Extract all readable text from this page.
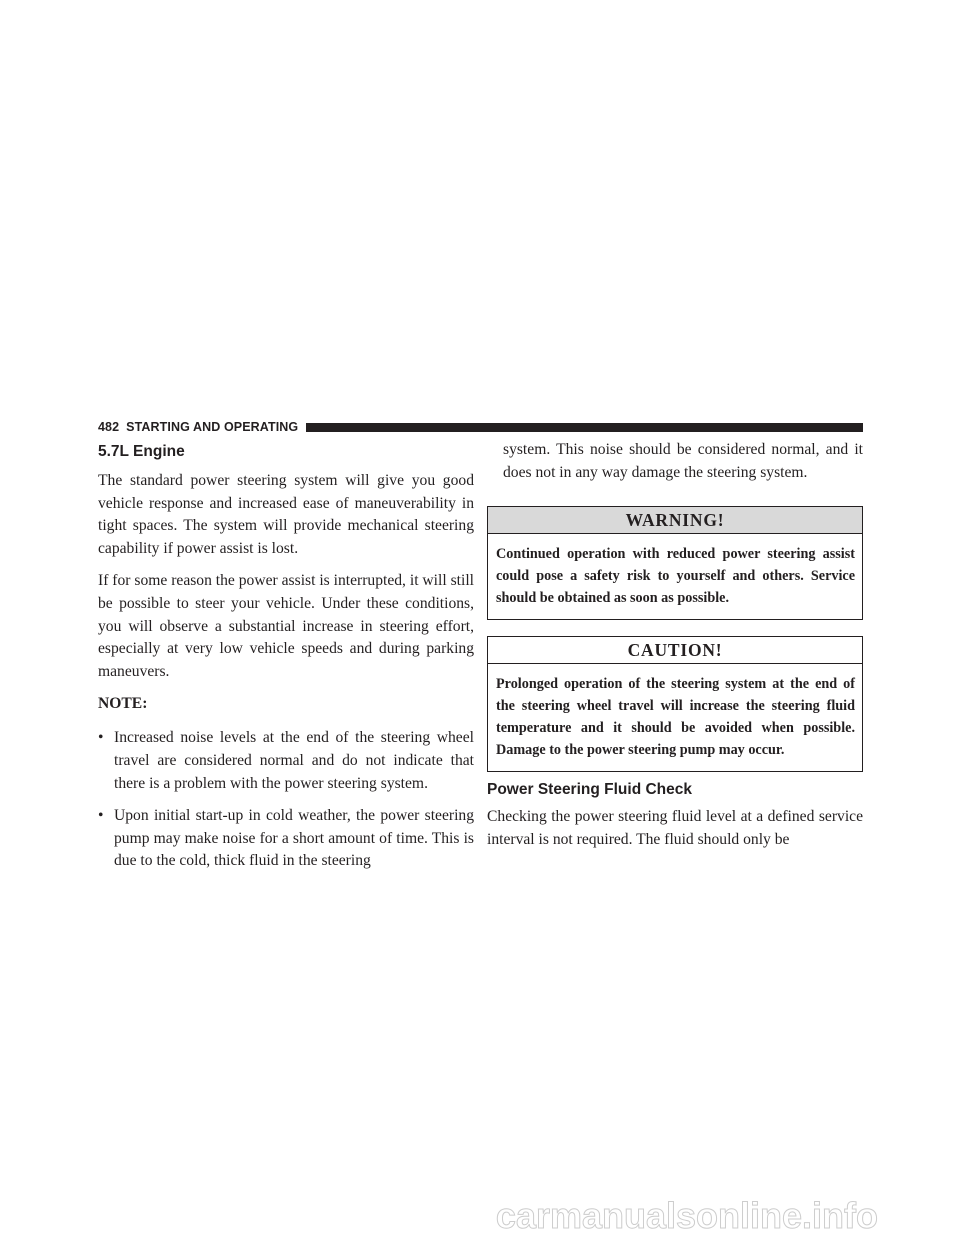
482 STARTING AND OPERATING
5.7L Engine

The standard power steering system will give you good vehicle response and increased ease of maneuverability in tight spaces. The system will provide mechanical steering capability if power assist is lost.

If for some reason the power assist is interrupted, it will still be possible to steer your vehicle. Under these conditions, you will observe a substantial increase in steering effort, especially at very low vehicle speeds and during parking maneuvers.

NOTE:
• Increased noise levels at the end of the steering wheel travel are considered normal and do not indicate that there is a problem with the power steering system.
• Upon initial start-up in cold weather, the power steering pump may make noise for a short amount of time. This is due to the cold, thick fluid in the steering

system. This noise should be considered normal, and it does not in any way damage the steering system.

WARNING!
Continued operation with reduced power steering assist could pose a safety risk to yourself and others. Service should be obtained as soon as possible.
CAUTION!
Prolonged operation of the steering system at the end of the steering wheel travel will increase the steering fluid temperature and it should be avoided when possible. Damage to the power steering pump may occur.
Power Steering Fluid Check

Checking the power steering fluid level at a defined service interval is not required. The fluid should only be

carmanualsonline.info
